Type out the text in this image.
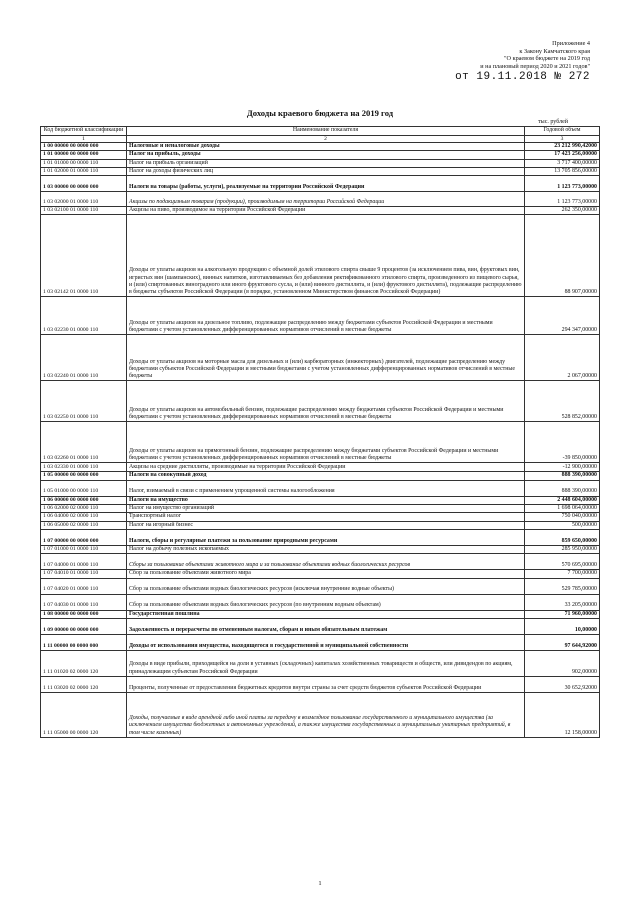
Приложение 4
к Закону Камчатского края
"О краевом бюджете на 2019 год
и на плановый период 2020 и 2021 годов"
от 19.11.2018 № 272
Доходы краевого бюджета на 2019 год
тыс. рублей
Код бюджетной классификации	Наименование показателя	Годовой объем
1	2	3
1 00 00000 00 0000 000	Налоговые и неналоговые доходы	23 212 990,42000
1 01 00000 00 0000 000	Налог на прибыль, доходы	17 423 256,00000
1 01 01000 00 0000 110	Налог на прибыль организаций	3 717 400,00000
1 01 02000 01 0000 110	Налог на доходы физических лиц	13 705 856,00000
1 03 00000 00 0000 000	Налоги на товары (работы, услуги), реализуемые на территории Российской Федерации	1 123 773,00000
1 03 02000 01 0000 110	Акцизы по подакцизным товарам (продукции), производимым на территории Российской Федерации	1 123 773,00000
1 03 02100 01 0000 110	Акцизы на пиво, производимое на территории Российской Федерации	262 350,00000
1 03 02142 01 0000 110	Доходы от уплаты акцизов на алкогольную продукцию с объемной долей этилового спирта свыше 9 процентов (за исключением пива, вин, фруктовых вин, игристых вин (шампанских), винных напитков, изготавливаемых без добавления ректификованного этилового спирта, произведенного из пищевого сырья, и (или) спиртованных виноградного или иного фруктового сусла, и (или) винного дистиллята, и (или) фруктового дистиллята), подлежащие распределению в бюджеты субъектов Российской Федерации (в порядке, установленном Министерством финансов Российской Федерации)	88 907,00000
1 03 02230 01 0000 110	Доходы от уплаты акцизов на дизельное топливо, подлежащие распределению между бюджетами субъектов Российской Федерации и местными бюджетами с учетом установленных дифференцированных нормативов отчислений в местные бюджеты	294 347,00000
1 03 02240 01 0000 110	Доходы от уплаты акцизов на моторные масла для дизельных и (или) карбюраторных (инжекторных) двигателей, подлежащие распределению между бюджетами субъектов Российской Федерации и местными бюджетами с учетом установленных дифференцированных нормативов отчислений в местные бюджеты	2 067,00000
1 03 02250 01 0000 110	Доходы от уплаты акцизов на автомобильный бензин, подлежащие распределению между бюджетами субъектов Российской Федерации и местными бюджетами с учетом установленных дифференцированных нормативов отчислений в местные бюджеты	528 852,00000
1 03 02260 01 0000 110	Доходы от уплаты акцизов на прямогонный бензин, подлежащие распределению между бюджетами субъектов Российской Федерации и местными бюджетами с учетом установленных дифференцированных нормативов отчислений в местные бюджеты	-39 850,00000
1 03 02330 01 0000 110	Акцизы на средние дистилляты, производимые на территории Российской Федерации	-12 900,00000
1 05 00000 00 0000 000	Налоги на совокупный доход	888 390,00000
1 05 01000 00 0000 110	Налог, взимаемый в связи с применением упрощенной системы налогообложения	888 390,00000
1 06 00000 00 0000 000	Налоги на имущество	2 448 604,00000
1 06 02000 02 0000 110	Налог на имущество организаций	1 698 064,00000
1 06 04000 02 0000 110	Транспортный налог	750 040,00000
1 06 05000 02 0000 110	Налог на игорный бизнес	500,00000
1 07 00000 00 0000 000	Налоги, сборы и регулярные платежи за пользование природными ресурсами	859 650,00000
1 07 01000 01 0000 110	Налог на добычу полезных ископаемых	285 950,00000
1 07 04000 01 0000 110	Сборы за пользование объектами животного мира и за пользование объектами водных биологических ресурсов	570 695,00000
1 07 04010 01 0000 110	Сбор за пользование объектами животного мира	7 700,00000
1 07 04020 01 0000 110	Сбор за пользование объектами водных биологических ресурсов (исключая внутренние водные объекты)	529 785,00000
1 07 04030 01 0000 110	Сбор за пользование объектами водных биологических ресурсов (по внутренним водным объектам)	33 205,00000
1 08 00000 00 0000 000	Государственная пошлина	71 960,00000
1 09 00000 00 0000 000	Задолженность и перерасчеты по отмененным налогам, сборам и иным обязательным платежам	10,00000
1 11 00000 00 0000 000	Доходы от использования имущества, находящегося в государственной и муниципальной собственности	97 644,92000
1 11 01020 02 0000 120	Доходы в виде прибыли, приходящейся на доли в уставных (складочных) капиталах хозяйственных товариществ и обществ, или дивидендов по акциям, принадлежащим субъектам Российской Федерации	902,00000
1 11 03020 02 0000 120	Проценты, полученные от предоставления бюджетных кредитов внутри страны за счет средств бюджетов субъектов Российской Федерации	30 652,92000
1 11 05000 00 0000 120	Доходы, получаемые в виде арендной либо иной платы за передачу в возмездное пользование государственного и муниципального имущества (за исключением имущества бюджетных и автономных учреждений, а также имущества государственных и муниципальных унитарных предприятий, в том числе казенных)	12 158,00000
1
